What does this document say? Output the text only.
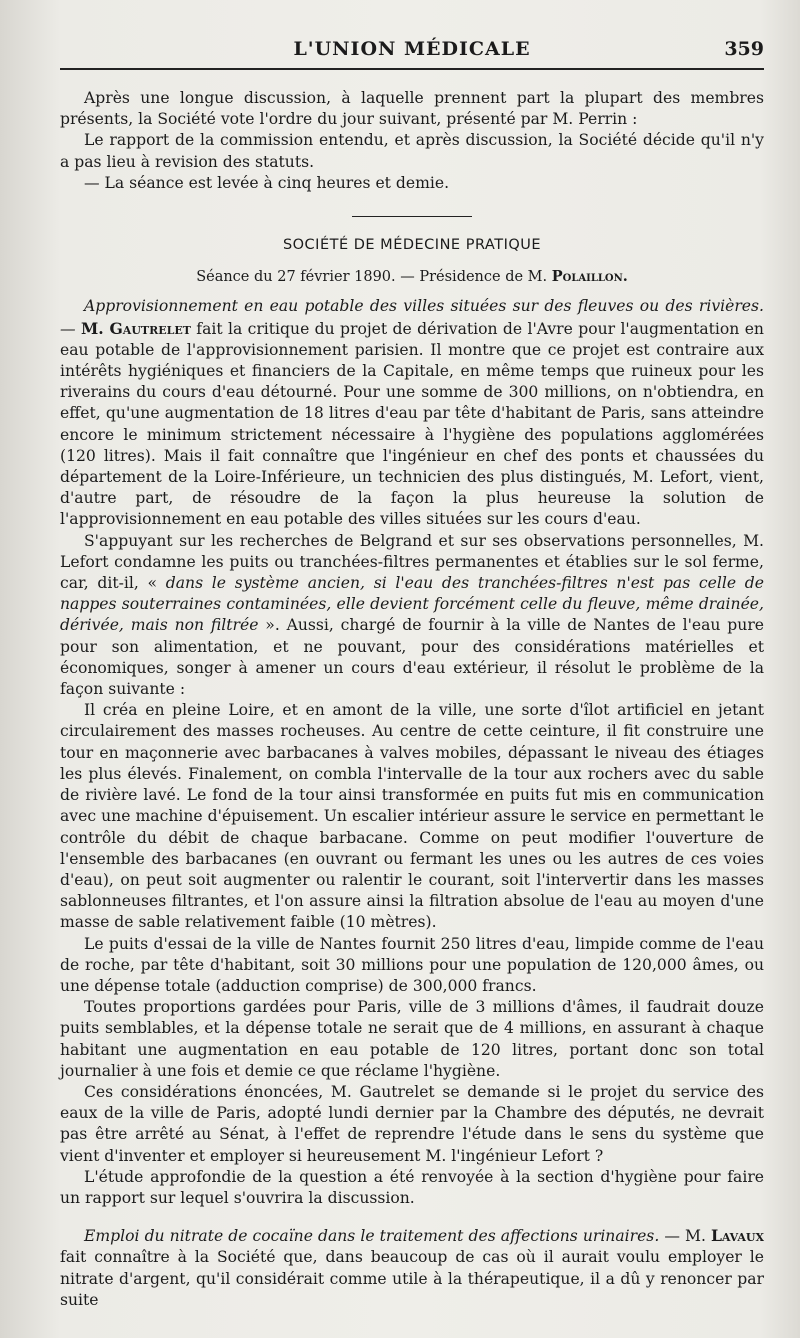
L'UNION MÉDICALE	359

Après une longue discussion, à laquelle prennent part la plupart des membres présents, la Société vote l'ordre du jour suivant, présenté par M. Perrin :

Le rapport de la commission entendu, et après discussion, la Société décide qu'il n'y a pas lieu à revision des statuts.

— La séance est levée à cinq heures et demie.

SOCIÉTÉ DE MÉDECINE PRATIQUE
Séance du 27 février 1890. — Présidence de M. Polaillon.

Approvisionnement en eau potable des villes situées sur des fleuves ou des rivières. — M. Gautrelet fait la critique du projet de dérivation de l'Avre pour l'augmentation en eau potable de l'approvisionnement parisien. Il montre que ce projet est contraire aux intérêts hygiéniques et financiers de la Capitale, en même temps que ruineux pour les riverains du cours d'eau détourné. Pour une somme de 300 millions, on n'obtiendra, en effet, qu'une augmentation de 18 litres d'eau par tête d'habitant de Paris, sans atteindre encore le minimum strictement nécessaire à l'hygiène des populations agglomérées (120 litres). Mais il fait connaître que l'ingénieur en chef des ponts et chaussées du département de la Loire-Inférieure, un technicien des plus distingués, M. Lefort, vient, d'autre part, de résoudre de la façon la plus heureuse la solution de l'approvisionnement en eau potable des villes situées sur les cours d'eau.

S'appuyant sur les recherches de Belgrand et sur ses observations personnelles, M. Lefort condamne les puits ou tranchées-filtres permanentes et établies sur le sol ferme, car, dit-il, « dans le système ancien, si l'eau des tranchées-filtres n'est pas celle de nappes souterraines contaminées, elle devient forcément celle du fleuve, même drainée, dérivée, mais non filtrée ». Aussi, chargé de fournir à la ville de Nantes de l'eau pure pour son alimentation, et ne pouvant, pour des considérations matérielles et économiques, songer à amener un cours d'eau extérieur, il résolut le problème de la façon suivante :

Il créa en pleine Loire, et en amont de la ville, une sorte d'îlot artificiel en jetant circulairement des masses rocheuses. Au centre de cette ceinture, il fit construire une tour en maçonnerie avec barbacanes à valves mobiles, dépassant le niveau des étiages les plus élevés. Finalement, on combla l'intervalle de la tour aux rochers avec du sable de rivière lavé. Le fond de la tour ainsi transformée en puits fut mis en communication avec une machine d'épuisement. Un escalier intérieur assure le service en permettant le contrôle du débit de chaque barbacane. Comme on peut modifier l'ouverture de l'ensemble des barbacanes (en ouvrant ou fermant les unes ou les autres de ces voies d'eau), on peut soit augmenter ou ralentir le courant, soit l'intervertir dans les masses sablonneuses filtrantes, et l'on assure ainsi la filtration absolue de l'eau au moyen d'une masse de sable relativement faible (10 mètres).

Le puits d'essai de la ville de Nantes fournit 250 litres d'eau, limpide comme de l'eau de roche, par tête d'habitant, soit 30 millions pour une population de 120,000 âmes, ou une dépense totale (adduction comprise) de 300,000 francs.

Toutes proportions gardées pour Paris, ville de 3 millions d'âmes, il faudrait douze puits semblables, et la dépense totale ne serait que de 4 millions, en assurant à chaque habitant une augmentation en eau potable de 120 litres, portant donc son total journalier à une fois et demie ce que réclame l'hygiène.

Ces considérations énoncées, M. Gautrelet se demande si le projet du service des eaux de la ville de Paris, adopté lundi dernier par la Chambre des députés, ne devrait pas être arrêté au Sénat, à l'effet de reprendre l'étude dans le sens du système que vient d'inventer et employer si heureusement M. l'ingénieur Lefort ?

L'étude approfondie de la question a été renvoyée à la section d'hygiène pour faire un rapport sur lequel s'ouvrira la discussion.

Emploi du nitrate de cocaïne dans le traitement des affections urinaires. — M. Lavaux fait connaître à la Société que, dans beaucoup de cas où il aurait voulu employer le nitrate d'argent, qu'il considérait comme utile à la thérapeutique, il a dû y renoncer par suite
